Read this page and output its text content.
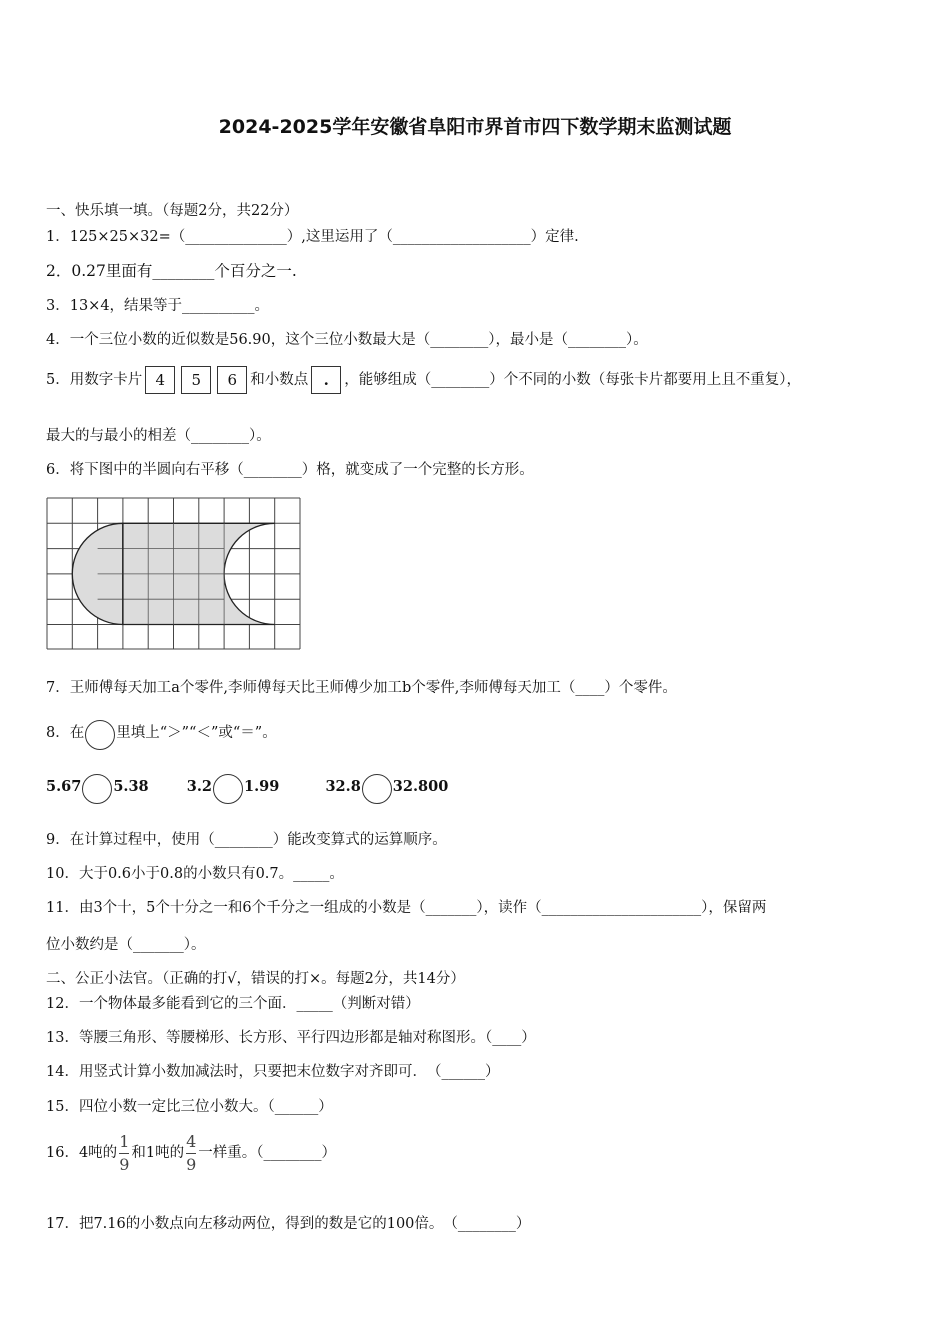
2024-2025学年安徽省阜阳市界首市四下数学期末监测试题
一、快乐填一填。（每题2分，共22分）
1．125×25×32=（______________）,这里运用了（___________________）定律.
2．0.27里面有________个百分之一.
3．13×4，结果等于__________。
4．一个三位小数的近似数是56.90，这个三位小数最大是（________），最小是（________）。
5．用数字卡片 4 5 6 和小数点 . ，能够组成（________）个不同的小数（每张卡片都要用上且不重复），
最大的与最小的相差（________）。
6．将下图中的半圆向右平移（________）格，就变成了一个完整的长方形。
7．王师傅每天加工a个零件,李师傅每天比王师傅少加工b个零件,李师傅每天加工（____）个零件。
8．在 里填上“＞”“＜”或“＝”。
5.67 5.38	3.2 1.99	32.8 32.800
9．在计算过程中，使用（________）能改变算式的运算顺序。
10．大于0.6小于0.8的小数只有0.7。_____。
11．由3个十，5个十分之一和6个千分之一组成的小数是（_______），读作（______________________），保留两
位小数约是（_______）。
二、公正小法官。（正确的打√，错误的打×。每题2分，共14分）
12．一个物体最多能看到它的三个面．_____（判断对错）
13．等腰三角形、等腰梯形、长方形、平行四边形都是轴对称图形。（____）
14．用竖式计算小数加减法时，只要把末位数字对齐即可．　（______）
15．四位小数一定比三位小数大。（______）
16．4吨的 $\frac{1}{9}$ 和1吨的 $\frac{4}{9}$ 一样重。（________）
17．把7.16的小数点向左移动两位，得到的数是它的100倍。　（________）
